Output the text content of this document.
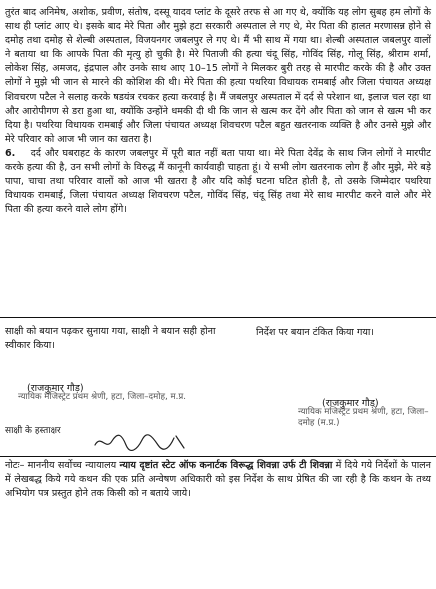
तुरंत बाद अनिमेष, अशोक, प्रवीण, संतोष, दस्सू यादव प्लांट के दूसरे तरफ से आ गए थे, क्योंकि यह लोग सुबह हम लोगों के साथ ही प्लांट आए थे। इसके बाद मेरे पिता और मुझे हटा सरकारी अस्पताल ले गए थे, मेर पिता की हालत मरणासन्न होने से दमोह तथा दमोह से शेल्बी अस्पताल, विजयनगर जबलपुर ले गए थे। मैं भी साथ में गया था। शेल्बी अस्पताल जबलपुर वालों ने बताया था कि आपके पिता की मृत्यु हो चुकी है। मेरे पिताजी की हत्या चंदू सिंह, गोविंद सिंह, गोलू सिंह, श्रीराम शर्मा, लोकेश सिंह, अमजद, इंद्रपाल और उनके साथ आए 10–15 लोगों ने मिलकर बुरी तरह से मारपीट करके की है और उक्त लोगों ने मुझे भी जान से मारने की कोशिश की थी। मेरे पिता की हत्या पथरिया विधायक रामबाई और जिला पंचायत अध्यक्ष शिवचरण पटैल ने सलाह करके षडयंत्र रचकर हत्या करवाई है। मैं जबलपुर अस्पताल में दर्द से परेशान था, इलाज चल रहा था और आरोपीगण से डरा हुआ था, क्योंकि उन्होंने धमकी दी थी कि जान से खत्म कर देंगे और पिता को जान से खत्म भी कर दिया है। पथरिया विधायक रामबाई और जिला पंचायत अध्यक्ष शिवचरण पटैल बहुत खतरनाक व्यक्ति है और उनसे मुझे और मेरे परिवार को आज भी जान का खतरा है।

6. दर्द और घबराहट के कारण जबलपुर में पूरी बात नहीं बता पाया था। मेरे पिता देवेंद्र के साथ जिन लोगों ने मारपीट करके हत्या की है, उन सभी लोगों के विरुद्ध मैं कानूनी कार्यवाही चाहता हूं। ये सभी लोग खतरनाक लोग हैं और मुझे, मेरे बड़े पापा, चाचा तथा परिवार वालों को आज भी खतरा है और यदि कोई घटना घटित होती है, तो उसके जिम्मेदार पथरिया विधायक रामबाई, जिला पंचायत अध्यक्ष शिवचरण पटैल, गोविंद सिंह, चंदू सिंह तथा मेरे साथ मारपीट करने वाले और मेरे पिता की हत्या करने वाले लोग होंगे।

साक्षी को बयान पढ़कर सुनाया गया, साक्षी ने बयान सही होना स्वीकार किया।
निर्देश पर बयान टंकित किया गया।
(राजकुमार गौड़)
न्यायिक मजिस्ट्रेट प्रथम श्रेणी, हटा, जिला–दमोह, म.प्र.
साक्षी के हस्ताक्षर
(राजकुमार गौड़)
न्यायिक मजिस्ट्रेट प्रथम श्रेणी, हटा, जिला–दमोह (म.प्र.)
नोटः– माननीय सर्वोच्च न्यायालय न्याय दृष्टांत स्टेट ऑफ कनार्टक विरूद्ध शिवन्ना उर्फ टी शिवन्ना में दिये गये निर्देशों के पालन में लेखबद्ध किये गये कथन की एक प्रति अन्वेषण अधिकारी को इस निर्देश के साथ प्रेषित की जा रही है कि कथन के तथ्य अभियोग पत्र प्रस्तुत होने तक किसी को न बताये जाये।
